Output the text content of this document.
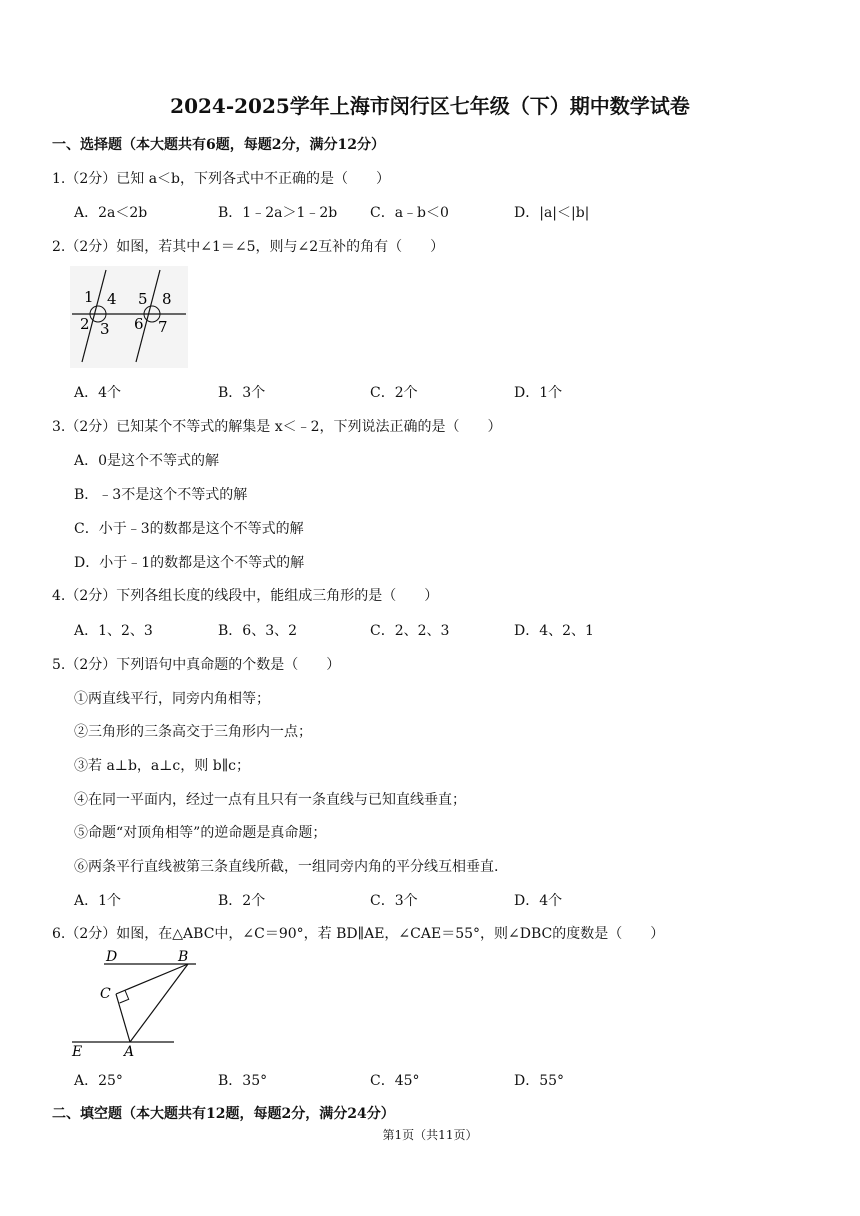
2024-2025学年上海市闵行区七年级（下）期中数学试卷
一、选择题（本大题共有6题，每题2分，满分12分）
1.（2分）已知 a＜b，下列各式中不正确的是（　　）
A．2a＜2b	B．1﹣2a＞1﹣2b C．a﹣b＜0	D．|a|＜|b|
2.（2分）如图，若其中∠1＝∠5，则与∠2互补的角有（　　）
1 4
2 3
5 8
6 7
A．4个	B．3个	C．2个	D．1个
3.（2分）已知某个不等式的解集是 x＜﹣2，下列说法正确的是（　　）
A．0是这个不等式的解
B．﹣3不是这个不等式的解
C．小于﹣3的数都是这个不等式的解
D．小于﹣1的数都是这个不等式的解
4.（2分）下列各组长度的线段中，能组成三角形的是（　　）
A．1、2、3	B．6、3、2	C．2、2、3	D．4、2、1
5.（2分）下列语句中真命题的个数是（　　）
①两直线平行，同旁内角相等；
②三角形的三条高交于三角形内一点；
③若 a⊥b，a⊥c，则 b∥c；
④在同一平面内，经过一点有且只有一条直线与已知直线垂直；
⑤命题“对顶角相等”的逆命题是真命题；
⑥两条平行直线被第三条直线所截，一组同旁内角的平分线互相垂直.
A．1个	B．2个	C．3个	D．4个
6.（2分）如图，在△ABC中，∠C＝90°，若 BD∥AE，∠CAE＝55°，则∠DBC的度数是（　　）
D	B
C
E	A
A．25°	B．35°	C．45°	D．55°
二、填空题（本大题共有12题，每题2分，满分24分）
第1页（共11页）
